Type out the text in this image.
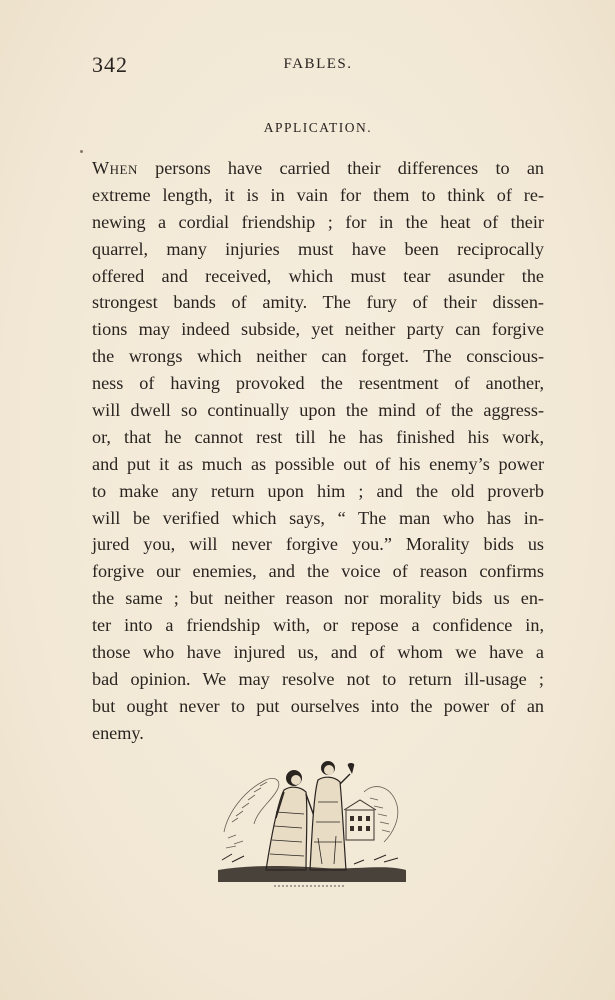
342	FABLES.
APPLICATION.
When persons have carried their differences to an
extreme length, it is in vain for them to think of re-
newing a cordial friendship ; for in the heat of their
quarrel, many injuries must have been reciprocally
offered and received, which must tear asunder the
strongest bands of amity. The fury of their dissen-
tions may indeed subside, yet neither party can forgive
the wrongs which neither can forget. The conscious-
ness of having provoked the resentment of another,
will dwell so continually upon the mind of the aggress-
or, that he cannot rest till he has finished his work,
and put it as much as possible out of his enemy’s power
to make any return upon him ; and the old proverb
will be verified which says, “ The man who has in-
jured you, will never forgive you.” Morality bids us
forgive our enemies, and the voice of reason confirms
the same ; but neither reason nor morality bids us en-
ter into a friendship with, or repose a confidence in,
those who have injured us, and of whom we have a
bad opinion. We may resolve not to return ill-usage ;
but ought never to put ourselves into the power of an
enemy.
